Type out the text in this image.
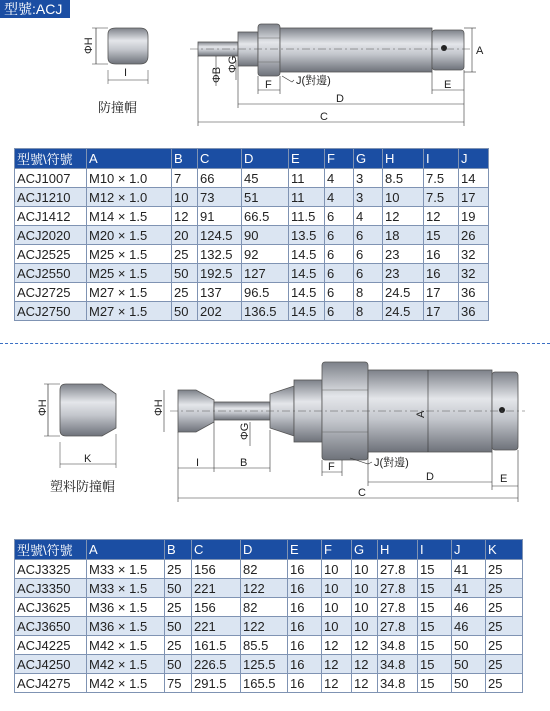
型號:ACJ
ΦH
I	ΦB
ΦG
F J(對邊)
D
C
E
A
防撞帽
型號\符號	A	B	C	D	E	F	G	H	I	J
ACJ1007	M10 × 1.0	7	66	45	11	4	3	8.5	7.5	14
ACJ1210	M12 × 1.0	10	73	51	11	4	3	10	7.5	17
ACJ1412	M14 × 1.5	12	91	66.5	11.5	6	4	12	12	19
ACJ2020	M20 × 1.5	20	124.5	90	13.5	6	6	18	15	26
ACJ2525	M25 × 1.5	25	132.5	92	14.5	6	6	23	16	32
ACJ2550	M25 × 1.5	50	192.5	127	14.5	6	6	23	16	32
ACJ2725	M27 × 1.5	25	137	96.5	14.5	6	8	24.5	17	36
ACJ2750	M27 × 1.5	50	202	136.5	14.5	6	8	24.5	17	36
ΦH
K
ΦH
ΦG
I	B	F	J(對邊)
D
C
E
A
塑料防撞帽
型號\符號	A	B	C	D	E	F	G	H	I	J	K
ACJ3325	M33 × 1.5	25	156	82	16	10	10	27.8	15	41	25
ACJ3350	M33 × 1.5	50	221	122	16	10	10	27.8	15	41	25
ACJ3625	M36 × 1.5	25	156	82	16	10	10	27.8	15	46	25
ACJ3650	M36 × 1.5	50	221	122	16	10	10	27.8	15	46	25
ACJ4225	M42 × 1.5	25	161.5	85.5	16	12	12	34.8	15	50	25
ACJ4250	M42 × 1.5	50	226.5	125.5	16	12	12	34.8	15	50	25
ACJ4275	M42 × 1.5	75	291.5	165.5	16	12	12	34.8	15	50	25
